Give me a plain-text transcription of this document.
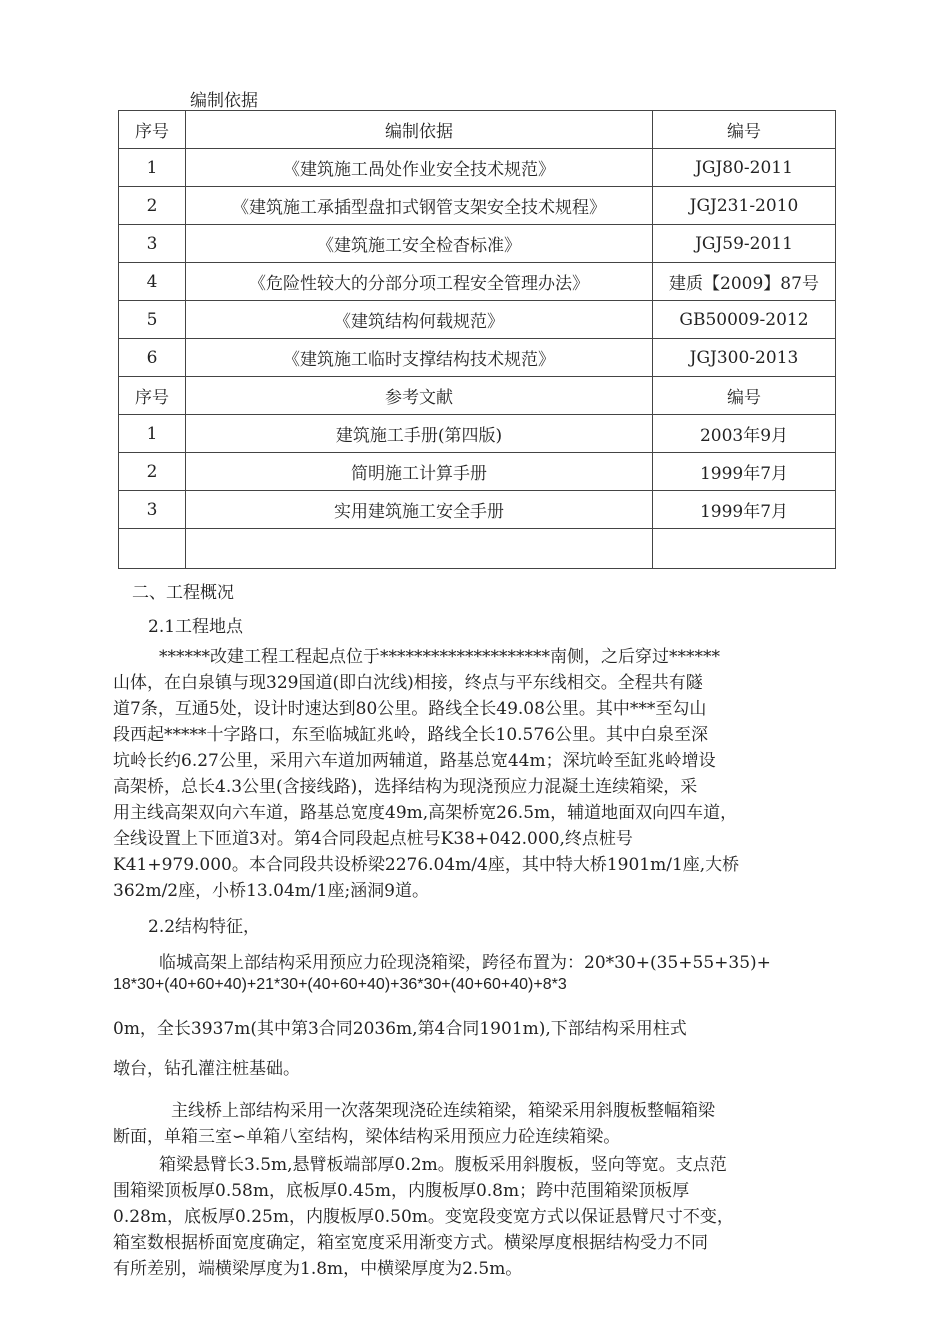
编制依据
序号	编制依据	编号
1	《建筑施工咼处作业安全技术规范》	JGJ80-2011
2	《建筑施工承插型盘扣式钢管支架安全技术规程》	JGJ231-2010
3	《建筑施工安全检杳标准》	JGJ59-2011
4	《危险性较大的分部分项工程安全管理办法》	建质【2009】87号
5	《建筑结构何载规范》	GB50009-2012
6	《建筑施工临时支撑结构技术规范》	JGJ300-2013
序号	参考文献	编号
1	建筑施工手册(第四版)	2003年9月
2	简明施工计算手册	1999年7月
3	实用建筑施工安全手册	1999年7月

二、工程概况
2.1工程地点
******改建工程工程起点位于********************南侧，之后穿过******
山体，在白泉镇与现329国道(即白沈线)相接，终点与平东线相交。全程共有隧
道7条，互通5处，设计时速达到80公里。路线全长49.08公里。其中***至勾山
段西起*****十字路口，东至临城缸兆岭，路线全长10.576公里。其中白泉至深
坑岭长约6.27公里，采用六车道加两辅道，路基总宽44m；深坑岭至缸兆岭增设
高架桥，总长4.3公里(含接线路)，选择结构为现浇预应力混凝土连续箱梁，采
用主线高架双向六车道，路基总宽度49m,高架桥宽26.5m，辅道地面双向四车道，
全线设置上下匝道3对。第4合同段起点桩号K38+042.000,终点桩号
K41+979.000。本合同段共设桥梁2276.04m/4座，其中特大桥1901m/1座,大桥
362m/2座，小桥13.04m/1座;涵洞9道。
2.2结构特征，
临城高架上部结构采用预应力砼现浇箱梁，跨径布置为：20*30+(35+55+35)+
18*30+(40+60+40)+21*30+(40+60+40)+36*30+(40+60+40)+8*3
0m，全长3937m(其中第3合同2036m,第4合同1901m),下部结构采用柱式
墩台，钻孔灌注桩基础。
主线桥上部结构采用一次落架现浇砼连续箱梁，箱梁采用斜腹板整幅箱梁
断面，单箱三室∽单箱八室结构，梁体结构采用预应力砼连续箱梁。
箱梁悬臂长3.5m,悬臂板端部厚0.2m。腹板采用斜腹板，竖向等宽。支点范
围箱梁顶板厚0.58m，底板厚0.45m，内腹板厚0.8m；跨中范围箱梁顶板厚
0.28m，底板厚0.25m，内腹板厚0.50m。变宽段变宽方式以保证悬臂尺寸不变，
箱室数根据桥面宽度确定，箱室宽度采用渐变方式。横梁厚度根据结构受力不同
有所差别，端横梁厚度为1.8m，中横梁厚度为2.5m。
